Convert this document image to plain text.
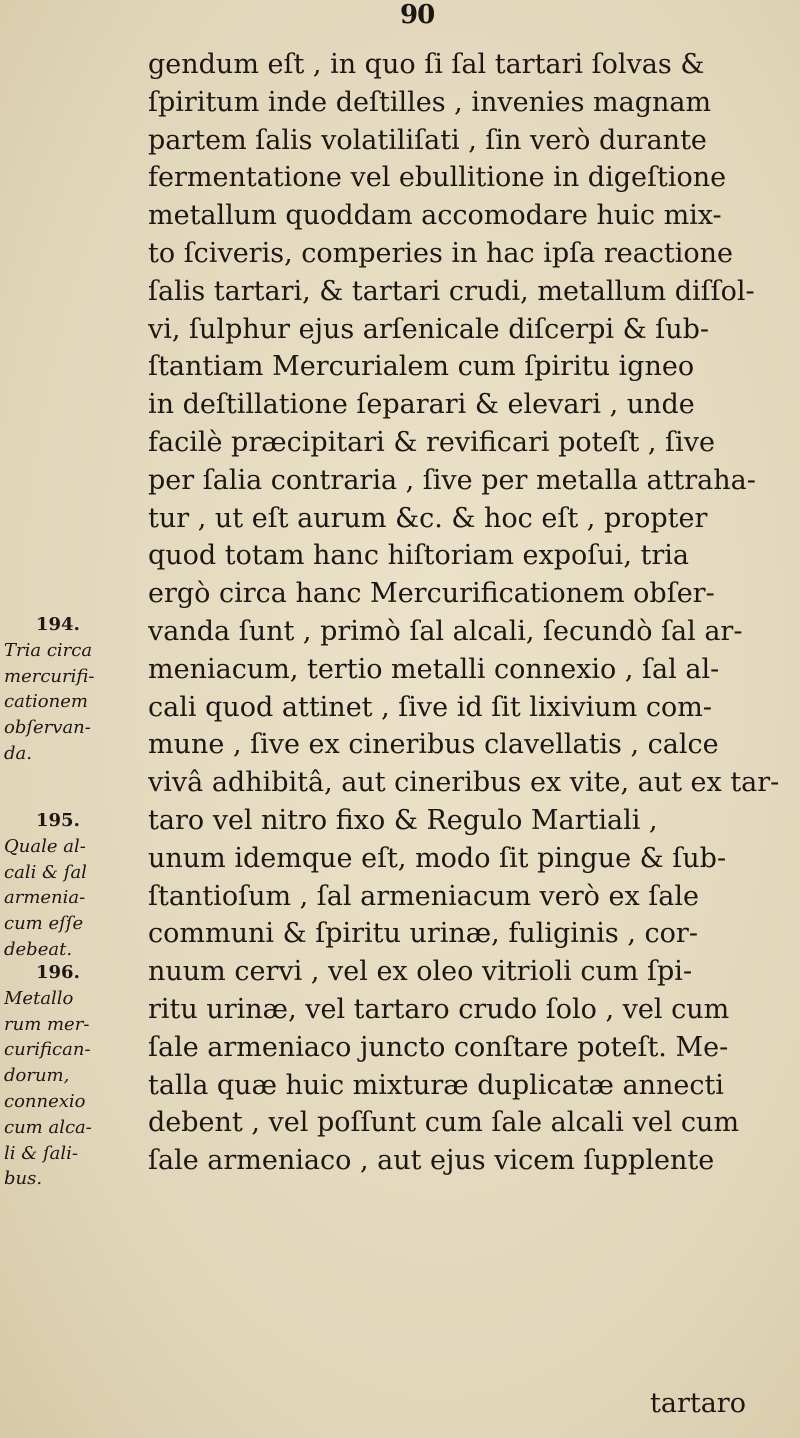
90
gendum eſt , in quo ſi ſal tartari ſolvas &
ſpiritum inde deſtilles , invenies magnam
partem ſalis volatiliſati , ſin verò durante
fermentatione vel ebullitione in digeſtione
metallum quoddam accomodare huic mix-
to ſciveris, comperies in hac ipſa reactione
ſalis tartari, & tartari crudi, metallum diſſol-
vi, ſulphur ejus arſenicale diſcerpi & ſub-
ſtantiam Mercurialem cum ſpiritu igneo
in deſtillatione ſeparari & elevari , unde
facilè præcipitari & revificari poteſt , ſive
per ſalia contraria , ſive per metalla attraha-
tur , ut eſt aurum &c. & hoc eſt , propter
quod totam hanc hiſtoriam expoſui, tria
ergò circa hanc Mercurificationem obſer-
vanda ſunt , primò ſal alcali, ſecundò ſal ar-
meniacum, tertio metalli connexio , ſal al-
cali quod attinet , ſive id ſit lixivium com-
mune , ſive ex cineribus clavellatis , calce
vivâ adhibitâ, aut cineribus ex vite, aut ex tar-
taro vel nitro fixo & Regulo Martiali ,
unum idemque eſt, modo ſit pingue & ſub-
ſtantioſum , ſal armeniacum verò ex ſale
communi & ſpiritu urinæ, fuliginis , cor-
nuum cervi , vel ex oleo vitrioli cum ſpi-
ritu urinæ, vel tartaro crudo ſolo , vel cum
ſale armeniaco juncto conſtare poteſt. Me-
talla quæ huic mixturæ duplicatæ annecti
debent , vel poſſunt cum ſale alcali vel cum
ſale armeniaco , aut ejus vicem ſupplente
tartaro
194.
Tria circa
mercurifi-
cationem
obſervan-
da.
195.
Quale al-
cali & ſal
armenia-
cum eſſe
debeat.
196.
Metallo
rum mer-
curifican-
dorum,
connexio
cum alca-
li & ſali-
bus.
